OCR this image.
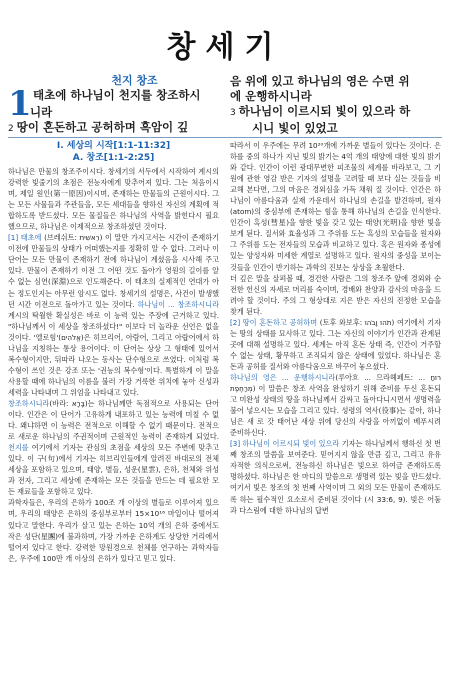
창세기
천지 창조
1 태초에 하나님이 천지를 창조하시
니라
2 땅이 혼돈하고 공허하며 흑암이 깊
음 위에 있고 하나님의 영은 수면 위
에 운행하시니라
3 하나님이 이르시되 빛이 있으라 하
시니 빛이 있었고
I. 세상의 시작[1:1-11:32]
A. 창조[1:1-2:25]

하나님은 만물의 창조주이시다. 창세기의 서두에서 시작하여 계시의 강력한 빛줄기의 초점은 전능자에게 맞추어져 있다. 그는 처음이시며, 제일 원인(第一原因)이시며, 존재하는 만물들의 근원이시다. 그는 모든 사물들과 주관들을, 모든 세대들을 향하신 자신의 계획에 적합하도록 받드셨다. 모든 물질들은 하나님의 사역을 밝힌다시 필요했으므로, 하나님은 이제적으로 창조하셨던 것이다.

[1] 태초에 (브레쉬트: רֵאשִׁית) 이 말만 가지고서는 시간이 존재하기 이전에 만물들의 상태가 어떠했는지를 정확히 알 수 없다. 그러나 이 단어는 모든 만물이 존재하기 전에 하나님이 계셨음을 시사해 주고 있다. 만물이 존재하기 이전 그 어떤 것도 돌아가 영원의 길이를 알 수 없는 심연(深淵)으로 인도해준다. 이 태초의 실제적인 연대가 아는 정도인지는 아무런 암시도 없다. 창세기의 설명은, 사건이 발생했던 시간 이전으로 돌아가고 있는 것이다. 하나님이 ... 창조하시니라 계시의 탁월한 확실성은 바로 이 능력 있는 주장에 근거하고 있다. "하나님께서 이 세상을 창조하셨다!" 이보다 더 놀라운 선언은 없을 것이다. '엘로힘'(אֱלֹהִים)은 히브리어, 아람어, 그리고 아랍어에서 하나님을 지칭하는 통상 용어이다. 이 단어는 상상 그 형태에 있어서 복수형이지만, 뒤따라 나오는 동사는 단수형으로 쓰였다. 이처럼 복수형이 쓰인 것은 강조 또는 '권능의 복수형'이다. 특별하게 이 말을 사용할 때에 하나님의 이름을 불러 가장 거룩한 위치에 놓아 신성과 세력을 나타내며 그 위엄을 나타내고 있다.

창조하시니라(바라: בָּרָא)는 하나님께만 독점적으로 사용되는 단어이다. 인간은 이 단어가 고유하게 내포하고 있는 능력에 미칠 수 없다. 왜냐하면 이 능력은 전적으로 이해할 수 없기 때문이다. 전적으로 새로운 하나님의 주권적이며 근원적인 능력이 존재하게 되었다. 천지를 여기에서 기자는 관심의 초점을 세상의 모든 주변에 맞추고 있다. 이 구(句)에서 기자는 히브리인들에게 알려진 바대로의 전체 세상을 포함하고 있으며, 태양, 별들, 성운(星雲), 은하, 천체와 위성과 전자, 그리고 세상에 존재하는 모든 것들을 만드는 데 필요한 모든 재료들을 포함하고 있다.

과학자들은, 우리의 은하가 100조 개 이상의 별들로 이루어져 있으며, 우리의 태양은 은하의 중심부로부터 15×10¹⁶ 마일이나 떨어져 있다고 말한다. 우리가 살고 있는 은하는 10억 개의 은하 중에서도 작은 성단(星團)에 불과하며, 가장 가까운 은하계도 상당한 거리에서 떨어져 있다고 한다. 강력한 망원경으로 천체를 연구하는 과학자들은, 우주에 100만 개 이상의 은하가 있다고 믿고 있다.

따라서 이 우주에는 무려 10²⁰개에 가까운 별들이 있다는 것이다. 은하를 중의 하나가 지닌 빛의 밝기는 4억 개의 태양에 대한 빛의 밝기와 같다. 인간이 이런 광대무변한 피조물의 세계를 바라보고, 그 기원에 관한 영감 받은 기자의 설명을 고려할 때 보다 실는 것들을 비교해 본다면, 그의 마음은 경외심을 가득 채워 질 것이다. 인간은 하나님이 아름다움과 실재 가운데서 하나님의 손길을 발견하며, 원자(atom)의 중심부에 존재하는 힘을 통해 하나님의 손길을 인식한다. 인간이 흑성(彗星)을 향한 빛을 갖고 있는 태양(光明)을 향한 빛을 보게 된다. 질서와 효율성과 그 주위를 도는 흑성의 모습들을 원자와 그 주위를 도는 전자들의 모습과 비교하고 있다. 혹은 원자와 종성에 있는 양성자와 미세한 계열로 설명하고 있다. 원자의 중성을 보이는 것들을 인간이 반기하는 과학의 진보는 상상을 초월한다.

더 깊은 말을 살펴볼 때, 경건한 사람은 그의 창조주 앞에 경외와 순전한 헌신의 자세로 머리를 숙이며, 경배와 찬양과 감사의 마음을 드려야 할 것이다. 주의 그 형상대로 지은 받은 자신의 진정한 모습을 찾게 된다.

[2] 땅이 혼돈하고 공허하며 (토후 와보후: תֹהוּ וָבֹהוּ) 여기에서 기자는 땅의 상태를 묘사하고 있다. 그는 자신의 이야기가 인간과 관계된 곳에 대해 설명하고 있다. 세계는 아직 혼돈 상태 즉, 인간이 거주할 수 없는 상태, 황무하고 조직되지 않은 상태에 있었다. 하나님은 혼돈과 공허를 질서와 아름다움으로 바꾸어 놓으셨다.

하나님의 영은 ... 운행하시니라(루아흐 ... 므라헤페트: רוּחַ ... מְרַחֶפֶת) 이 말씀은 창조 사역을 완성하기 위해 준비를 두신 혼돈되고 미완성 상태의 땅을 하나님께서 감싸고 돌아다니시면서 생명력을 불어 넣으시는 모습을 그리고 있다. 성령의 역사(役事)는 같아, 하나님은 새 로 갓 태어난 새상 위에 당신의 사랑을 아끼없이 베푸시려 준비하신다.

[3] 하나님이 이르시되 빛이 있으라 기자는 하나님께서 행하신 첫 번째 창조의 말씀을 보여준다. 믿어지지 않을 만큼 깊고, 그리고 유유자적한 의식으로써, 전능하신 하나님은 빛으로 하여금 존재하도록 명하셨다. 하나님은 한 마디의 말씀으로 생명력 있는 빛을 만드셨다. 여기서 빛은 창조의 첫 번째 사역이며 그 외의 모든 만물이 존재하도록 하는 필수적인 요소로서 준비된 것이다 (시 33:6, 9). 빛은 어둠과 다스림에 대한 하나님의 답변
